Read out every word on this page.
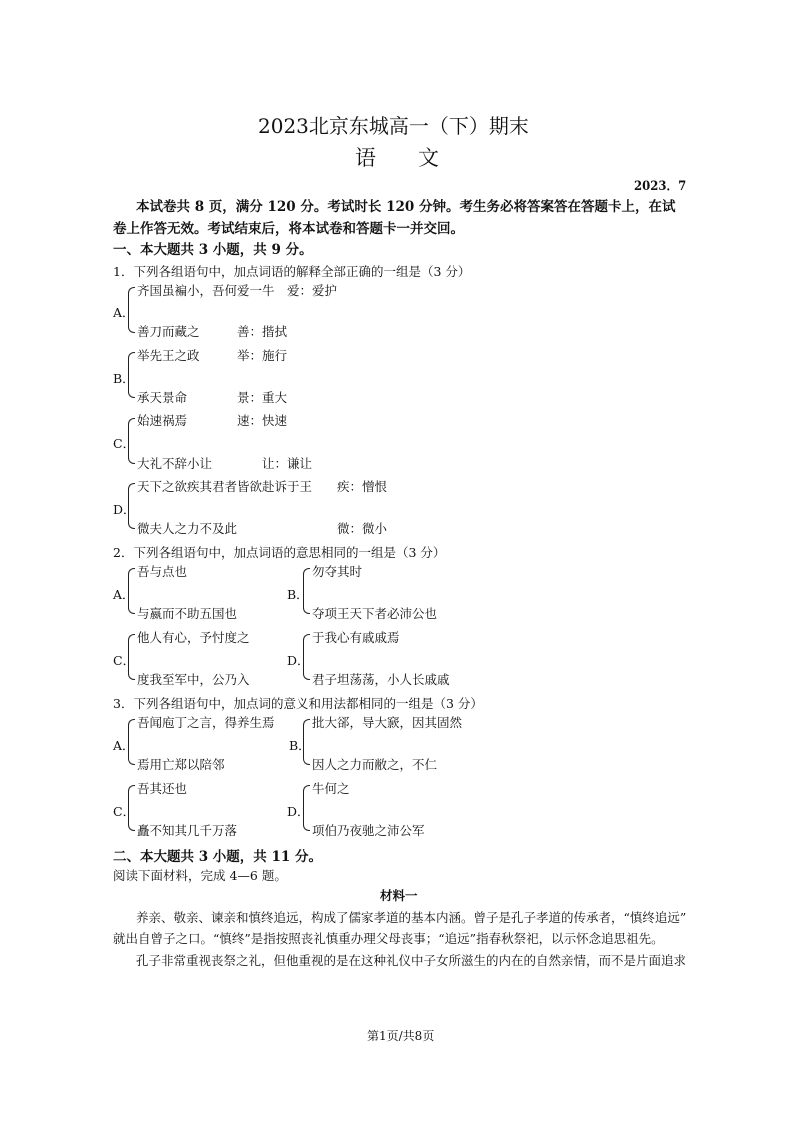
2023北京东城高一（下）期末
语　　文
2023．7
本试卷共 8 页，满分 120 分。考试时长 120 分钟。考生务必将答案答在答题卡上，在试
卷上作答无效。考试结束后，将本试卷和答题卡一并交回。
一、本大题共 3 小题，共 9 分。
1．下列各组语句中，加点词语的解释全部正确的一组是（3 分）
A．
齐国虽褊小，吾何爱一牛　爱：爱护
善刀而藏之　　　善：揩拭
B．
举先王之政　　　举：施行
承天景命　　　　景：重大
C．
始速祸焉　　　　速：快速
大礼不辞小让　　　　让：谦让
D．
天下之欲疾其君者皆欲赴诉于王　　疾：憎恨
微夫人之力不及此　　　　　　　　微：微小
2．下列各组语句中，加点词语的意思相同的一组是（3 分）
A．
吾与点也
与嬴而不助五国也
B．
勿夺其时
夺项王天下者必沛公也
C．
他人有心，予忖度之
度我至军中，公乃入
D．
于我心有戚戚焉
君子坦荡荡，小人长戚戚
3．下列各组语句中，加点词的意义和用法都相同的一组是（3 分）
A．
吾闻庖丁之言，得养生焉
焉用亡郑以陪邻
B．
批大郤，导大窾，因其固然
因人之力而敝之，不仁
C．
吾其还也
矗不知其几千万落
D．
牛何之
项伯乃夜驰之沛公军
二、本大题共 3 小题，共 11 分。
阅读下面材料，完成 4—6 题。
材料一
养亲、敬亲、谏亲和慎终追远，构成了儒家孝道的基本内涵。曾子是孔子孝道的传承者，“慎终追远”
就出自曾子之口。“慎终”是指按照丧礼慎重办理父母丧事；“追远”指春秋祭祀，以示怀念追思祖先。
孔子非常重视丧祭之礼，但他重视的是在这种礼仪中子女所滋生的内在的自然亲情，而不是片面追求
第1页/共8页
